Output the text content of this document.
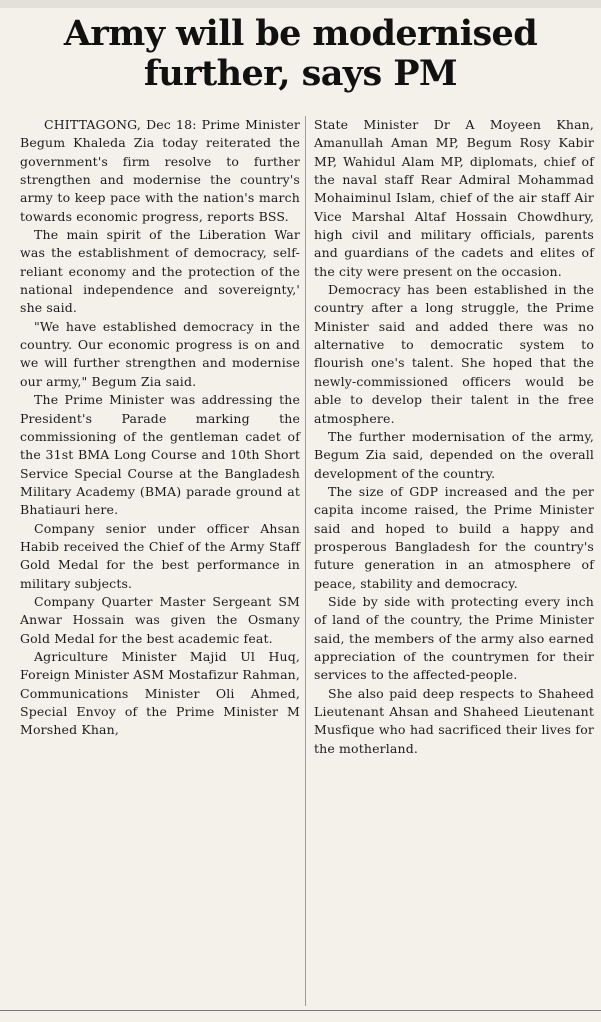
Army will be modernised
further, says PM

CHITTAGONG, Dec 18: Prime Minister Begum Khaleda Zia today reiterated the government's firm resolve to further strengthen and modernise the country's army to keep pace with the nation's march towards economic progress, reports BSS.

The main spirit of the Liberation War was the establishment of democracy, self-reliant economy and the protection of the national independence and sovereignty,' she said.

"We have established democracy in the country. Our economic progress is on and we will further strengthen and modernise our army," Begum Zia said.

The Prime Minister was addressing the President's Parade marking the commissioning of the gentleman cadet of the 31st BMA Long Course and 10th Short Service Special Course at the Bangladesh Military Academy (BMA) parade ground at Bhatiauri here.

Company senior under officer Ahsan Habib received the Chief of the Army Staff Gold Medal for the best performance in military subjects.

Company Quarter Master Sergeant SM Anwar Hossain was given the Osmany Gold Medal for the best academic feat.

Agriculture Minister Majid Ul Huq, Foreign Minister ASM Mostafizur Rahman, Communications Minister Oli Ahmed, Special Envoy of the Prime Minister M Morshed Khan,

State Minister Dr A Moyeen Khan, Amanullah Aman MP, Begum Rosy Kabir MP, Wahidul Alam MP, diplomats, chief of the naval staff Rear Admiral Mohammad Mohaiminul Islam, chief of the air staff Air Vice Marshal Altaf Hossain Chowdhury, high civil and military officials, parents and guardians of the cadets and elites of the city were present on the occasion.

Democracy has been established in the country after a long struggle, the Prime Minister said and added there was no alternative to democratic system to flourish one's talent. She hoped that the newly-commissioned officers would be able to develop their talent in the free atmosphere.

The further modernisation of the army, Begum Zia said, depended on the overall development of the country.

The size of GDP increased and the per capita income raised, the Prime Minister said and hoped to build a happy and prosperous Bangladesh for the country's future generation in an atmosphere of peace, stability and democracy.

Side by side with protecting every inch of land of the country, the Prime Minister said, the members of the army also earned appreciation of the countrymen for their services to the affected-people.

She also paid deep respects to Shaheed Lieutenant Ahsan and Shaheed Lieutenant Musfique who had sacrificed their lives for the motherland.
